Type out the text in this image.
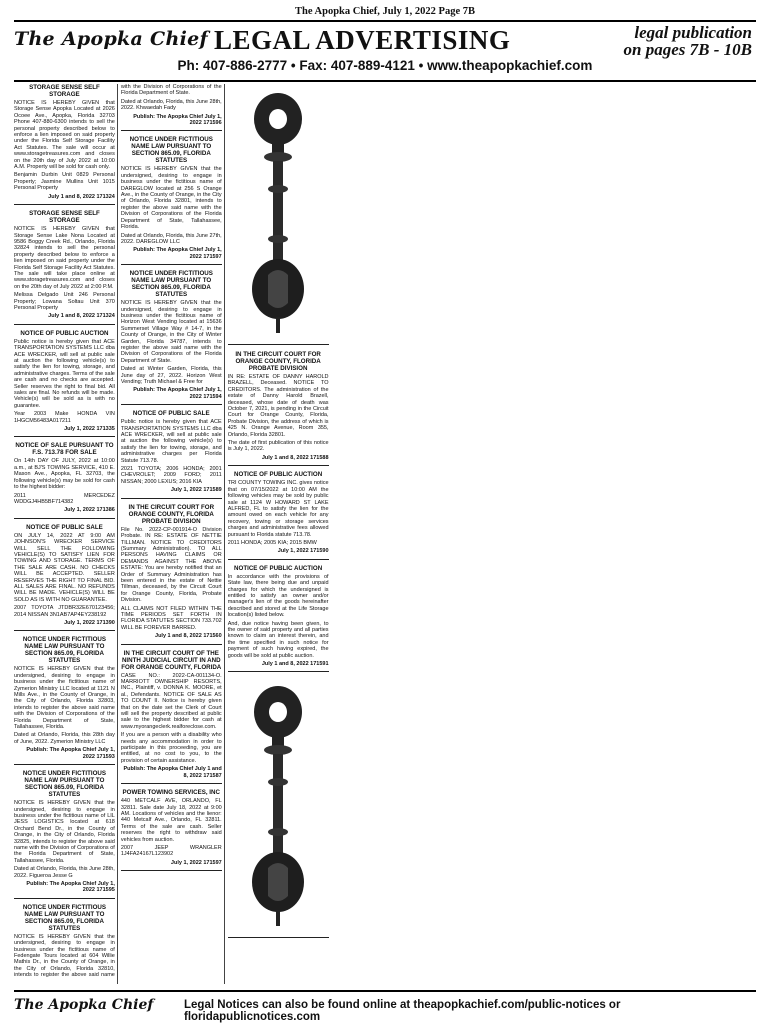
The Apopka Chief, July 1, 2022 Page 7B
The Apopka Chief LEGAL ADVERTISING	legal publication
on pages 7B - 10B
Ph: 407-886-2777 • Fax: 407-889-4121 • www.theapopkachief.com
STORAGE SENSE SELF STORAGE

NOTICE IS HEREBY GIVEN that Storage Sense Apopka Located at 2026 Ocoee Ave., Apopka, Florida 32703 Phone 407-880-6300 intends to sell the personal property described below to enforce a lien imposed on said property under the Florida Self Storage Facility Act Statutes. The sale will occur at www.storagetreasures.com and closes on the 20th day of July 2022 at 10:00 A.M. Property will be sold for cash only.

Benjamin Durbin Unit 0829 Personal Property; Jasmine Mullins Unit 1015 Personal Property

July 1 and 8, 2022 171324
STORAGE SENSE SELF STORAGE

NOTICE IS HEREBY GIVEN that Storage Sense Lake Nona Located at 9586 Boggy Creek Rd., Orlando, Florida 32824 intends to sell the personal property described below to enforce a lien imposed on said property under the Florida Self Storage Facility Act Statutes. The sale will take place online at www.storagetreasures.com and closes on the 20th day of July 2022 at 2:00 P.M.

Melissa Delgado Unit 246 Personal Property; Lowana Soltau Unit 370 Personal Property

July 1 and 8, 2022 171324
NOTICE OF PUBLIC AUCTION

Public notice is hereby given that ACE TRANSPORTATION SYSTEMS LLC dba ACE WRECKER, will sell at public sale at auction the following vehicle(s) to satisfy the lien for towing, storage, and administrative charges. Terms of the sale are cash and no checks are accepted. Seller reserves the right to final bid. All sales are final. No refunds will be made. Vehicle(s) will be sold as is with no guarantee.

Year 2003 Make HONDA VIN 1HGCM56483A017211

July 1, 2022 171335
NOTICE OF SALE PURSUANT TO F.S. 713.78 FOR SALE

On 14th DAY OF JULY, 2022 at 10:00 a.m., at BJ'S TOWING SERVICE, 410 E. Mason Ave., Apopka, FL 32703, the following vehicle(s) may be sold for cash to the highest bidder:

2011 MERCEDEZ WDDGJ4HB5BF714382

July 1, 2022 171386
NOTICE OF PUBLIC SALE

ON JULY 14, 2022 AT 9:00 AM JOHNSON'S WRECKER SERVICE WILL SELL THE FOLLOWING VEHICLE(S) TO SATISFY LIEN FOR TOWING AND STORAGE. TERMS OF THE SALE ARE CASH. NO CHECKS WILL BE ACCEPTED. SELLER RESERVES THE RIGHT TO FINAL BID. ALL SALES ARE FINAL. NO REFUNDS WILL BE MADE. VEHICLE(S) WILL BE SOLD AS IS WITH NO GUARANTEE.

2007 TOYOTA JTDBR32E670123456; 2014 NISSAN 3N1AB7AP4EY238192

July 1, 2022 171390
NOTICE UNDER FICTITIOUS NAME LAW PURSUANT TO SECTION 865.09, FLORIDA STATUTES

NOTICE IS HEREBY GIVEN that the undersigned, desiring to engage in business under the fictitious name of Zymerion Ministry LLC located at 1121 N Mills Ave., in the County of Orange, in the City of Orlando, Florida 32803, intends to register the above said name with the Division of Corporations of the Florida Department of State, Tallahassee, Florida.

Dated at Orlando, Florida, this 28th day of June, 2022. Zymerion Ministry LLC

Publish: The Apopka Chief July 1, 2022 171593
NOTICE UNDER FICTITIOUS NAME LAW PURSUANT TO SECTION 865.09, FLORIDA STATUTES

NOTICE IS HEREBY GIVEN that the undersigned, desiring to engage in business under the fictitious name of LIL JESS LOGISTICS located at 618 Orchard Bend Dr., in the County of Orange, in the City of Orlando, Florida 32825, intends to register the above said name with the Division of Corporations of the Florida Department of State, Tallahassee, Florida.

Dated at Orlando, Florida, this June 28th, 2022. Figueroa Jesse G

Publish: The Apopka Chief July 1, 2022 171595
NOTICE UNDER FICTITIOUS NAME LAW PURSUANT TO SECTION 865.09, FLORIDA STATUTES

NOTICE IS HEREBY GIVEN that the undersigned, desiring to engage in business under the fictitious name of Fedengate Tours located at 604 Willie Mathis Dr., in the County of Orange, in the City of Orlando, Florida 32810, intends to register the above said name with the Division of Corporations of the Florida Department of State.

Dated at Orlando, Florida, this June 28th, 2022. Khwaedah Fady

Publish: The Apopka Chief July 1, 2022 171596
NOTICE UNDER FICTITIOUS NAME LAW PURSUANT TO SECTION 865.09, FLORIDA STATUTES

NOTICE IS HEREBY GIVEN that the undersigned, desiring to engage in business under the fictitious name of DAREGLOW located at 256 S Orange Ave., in the County of Orange, in the City of Orlando, Florida 32801, intends to register the above said name with the Division of Corporations of the Florida Department of State, Tallahassee, Florida.

Dated at Orlando, Florida, this June 27th, 2022. DAREGLOW LLC

Publish: The Apopka Chief July 1, 2022 171597
NOTICE UNDER FICTITIOUS NAME LAW PURSUANT TO SECTION 865.09, FLORIDA STATUTES

NOTICE IS HEREBY GIVEN that the undersigned, desiring to engage in business under the fictitious name of Horizon West Vending located at 15636 Summerset Village Way # 14-7, in the County of Orange, in the City of Winter Garden, Florida 34787, intends to register the above said name with the Division of Corporations of the Florida Department of State.

Dated at Winter Garden, Florida, this June day of 27, 2022. Horizon West Vending; Truth Michael & Free for

Publish: The Apopka Chief July 1, 2022 171594
NOTICE OF PUBLIC SALE

Public notice is hereby given that ACE TRANSPORTATION SYSTEMS LLC dba ACE WRECKER, will sell at public sale at auction the following vehicle(s) to satisfy the lien for towing, storage, and administrative charges per Florida Statute 713.78.

2021 TOYOTA; 2006 HONDA; 2001 CHEVROLET; 2009 FORD; 2011 NISSAN; 2000 LEXUS; 2016 KIA

July 1, 2022 171589
IN THE CIRCUIT COURT FOR ORANGE COUNTY, FLORIDA PROBATE DIVISION

File No. 2022-CP-001914-O Division Probate. IN RE: ESTATE OF NETTIE TILLMAN. NOTICE TO CREDITORS (Summary Administration). TO ALL PERSONS HAVING CLAIMS OR DEMANDS AGAINST THE ABOVE ESTATE: You are hereby notified that an Order of Summary Administration has been entered in the estate of Nettie Tillman, deceased, by the Circuit Court for Orange County, Florida, Probate Division.

ALL CLAIMS NOT FILED WITHIN THE TIME PERIODS SET FORTH IN FLORIDA STATUTES SECTION 733.702 WILL BE FOREVER BARRED.

July 1 and 8, 2022 171560
IN THE CIRCUIT COURT OF THE NINTH JUDICIAL CIRCUIT IN AND FOR ORANGE COUNTY, FLORIDA

CASE NO.: 2022-CA-001134-O. MARRIOTT OWNERSHIP RESORTS, INC., Plaintiff, v. DONNA K. MOORE, et al., Defendants. NOTICE OF SALE AS TO COUNT II. Notice is hereby given that on the date set the Clerk of Court will sell the property described at public sale to the highest bidder for cash at www.myorangeclerk.realforeclose.com.

If you are a person with a disability who needs any accommodation in order to participate in this proceeding, you are entitled, at no cost to you, to the provision of certain assistance.

Publish: The Apopka Chief July 1 and 8, 2022 171587
POWER TOWING SERVICES, INC

440 METCALF AVE, ORLANDO, FL 32811. Sale date July 18, 2022 at 9:00 AM. Locations of vehicles and the lienor: 440 Metcalf Ave., Orlando, FL 32811. Terms of the sale are cash. Seller reserves the right to withdraw said vehicles from auction.

2007 JEEP WRANGLER 1J4FA24167L123902

July 1, 2022 171597
IN THE CIRCUIT COURT FOR ORANGE COUNTY, FLORIDA PROBATE DIVISION

IN RE: ESTATE OF DANNY HAROLD BRAZELL, Deceased. NOTICE TO CREDITORS. The administration of the estate of Danny Harold Brazell, deceased, whose date of death was October 7, 2021, is pending in the Circuit Court for Orange County, Florida, Probate Division, the address of which is 425 N. Orange Avenue, Room 355, Orlando, Florida 32801.

The date of first publication of this notice is July 1, 2022.

July 1 and 8, 2022 171588
NOTICE OF PUBLIC AUCTION

TRI COUNTY TOWING INC. gives notice that on 07/15/2022 at 10:00 AM the following vehicles may be sold by public sale at 1124 W HOWARD ST LAKE ALFRED, FL to satisfy the lien for the amount owed on each vehicle for any recovery, towing or storage services charges and administrative fees allowed pursuant to Florida statute 713.78.

2011 HONDA; 2005 KIA; 2015 BMW

July 1, 2022 171590
NOTICE OF PUBLIC AUCTION

In accordance with the provisions of State law, there being due and unpaid charges for which the undersigned is entitled to satisfy an owner and/or manager's lien of the goods hereinafter described and stored at the Life Storage location(s) listed below.

And, due notice having been given, to the owner of said property and all parties known to claim an interest therein, and the time specified in such notice for payment of such having expired, the goods will be sold at public auction.

July 1 and 8, 2022 171591
The Apopka Chief	Legal Notices can also be found online at theapopkachief.com/public-notices or floridapublicnotices.com
